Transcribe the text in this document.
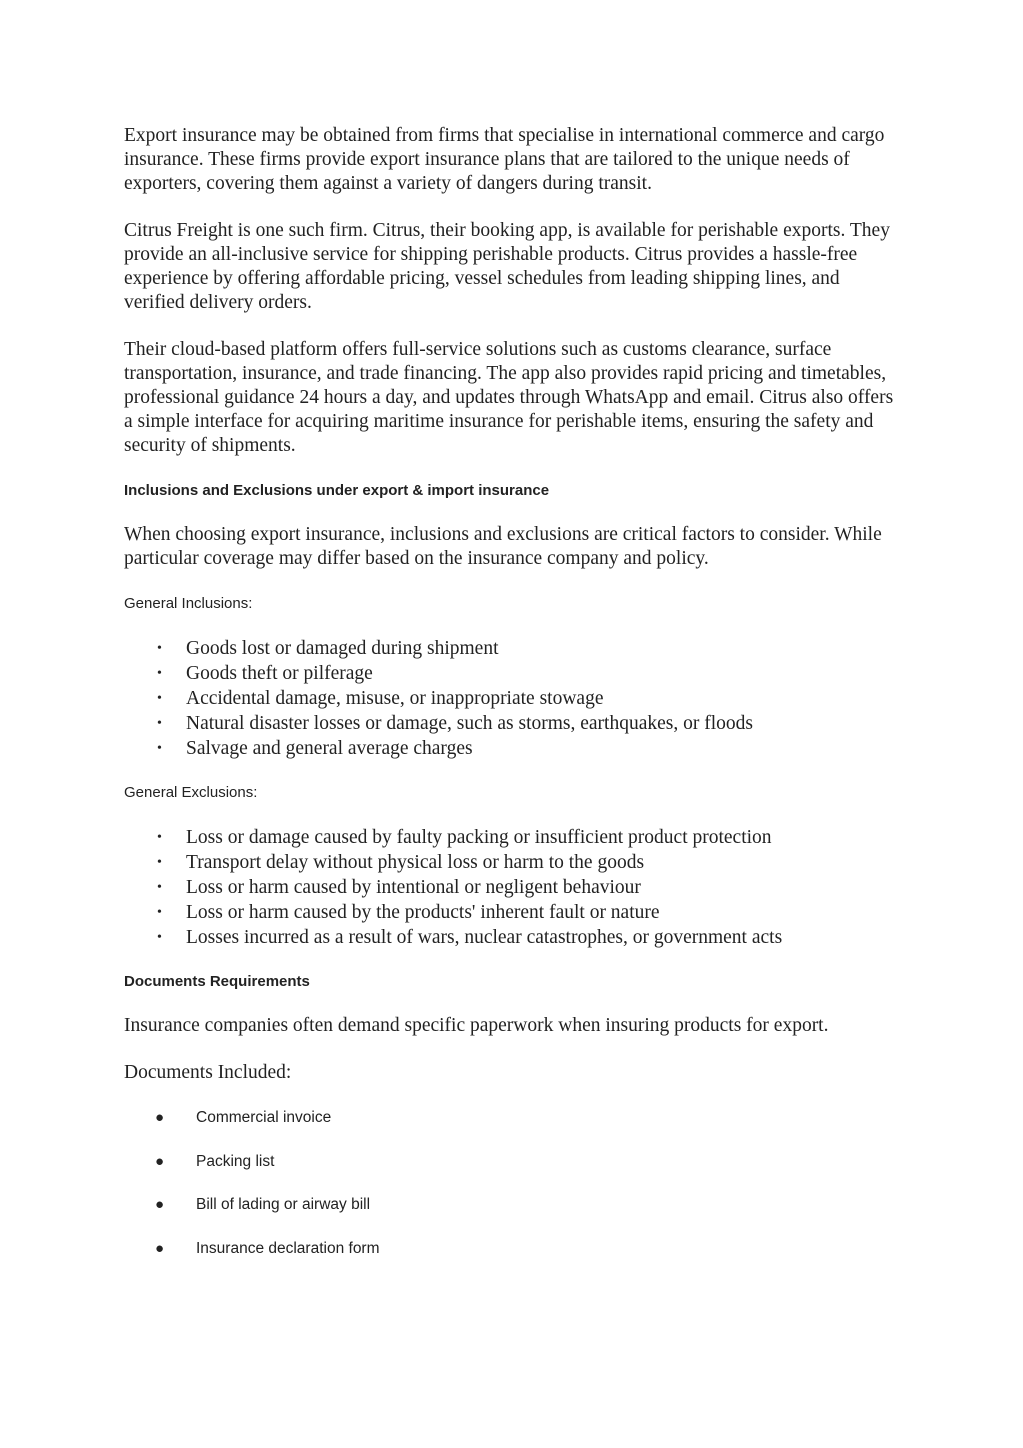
Export insurance may be obtained from firms that specialise in international commerce and cargo insurance. These firms provide export insurance plans that are tailored to the unique needs of exporters, covering them against a variety of dangers during transit.

Citrus Freight is one such firm. Citrus, their booking app, is available for perishable exports. They provide an all-inclusive service for shipping perishable products. Citrus provides a hassle-free experience by offering affordable pricing, vessel schedules from leading shipping lines, and verified delivery orders.

Their cloud-based platform offers full-service solutions such as customs clearance, surface transportation, insurance, and trade financing. The app also provides rapid pricing and timetables, professional guidance 24 hours a day, and updates through WhatsApp and email. Citrus also offers a simple interface for acquiring maritime insurance for perishable items, ensuring the safety and security of shipments.

Inclusions and Exclusions under export & import insurance

When choosing export insurance, inclusions and exclusions are critical factors to consider. While particular coverage may differ based on the insurance company and policy.

General Inclusions:

• Goods lost or damaged during shipment
• Goods theft or pilferage
• Accidental damage, misuse, or inappropriate stowage
• Natural disaster losses or damage, such as storms, earthquakes, or floods
• Salvage and general average charges

General Exclusions:

• Loss or damage caused by faulty packing or insufficient product protection
• Transport delay without physical loss or harm to the goods
• Loss or harm caused by intentional or negligent behaviour
• Loss or harm caused by the products' inherent fault or nature
• Losses incurred as a result of wars, nuclear catastrophes, or government acts
Documents Requirements

Insurance companies often demand specific paperwork when insuring products for export.

Documents Included:

● Commercial invoice
● Packing list
● Bill of lading or airway bill
● Insurance declaration form
